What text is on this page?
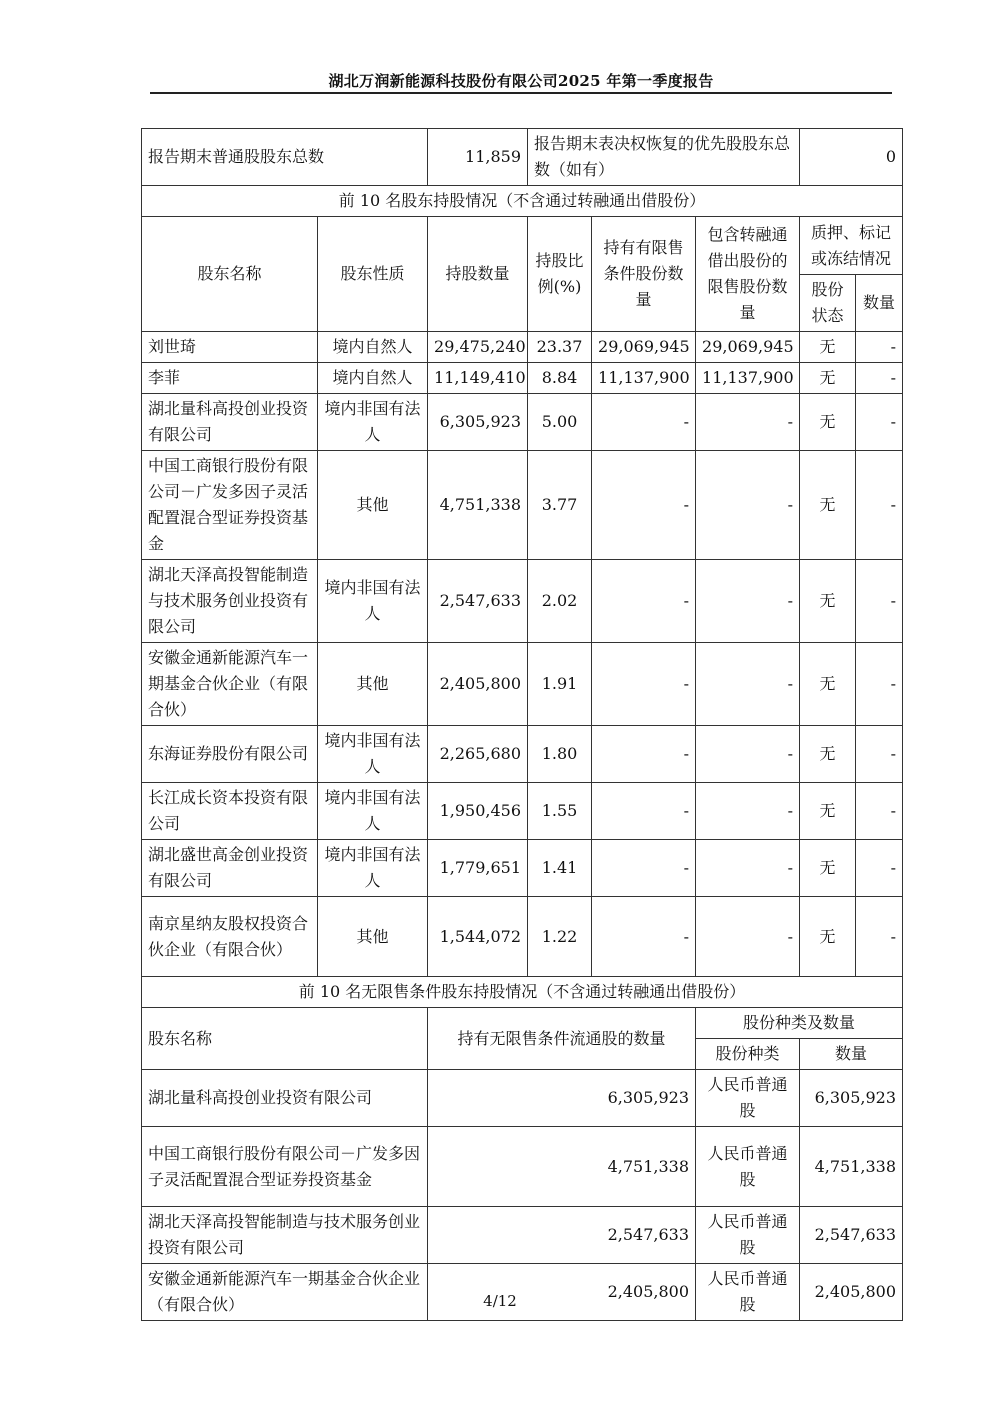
湖北万润新能源科技股份有限公司2025 年第一季度报告
报告期末普通股股东总数		11,859	报告期末表决权恢复的优先股股东总数（如有）			0	
前 10 名股东持股情况（不含通过转融通出借股份）							
股东名称	股东性质	持股数量	持股比例(%)	持有有限售条件股份数量	包含转融通借出股份的限售股份数量	质押、标记或冻结情况	
						股份状态	数量
刘世琦	境内自然人	29,475,240	23.37	29,069,945	29,069,945	无	-
李菲	境内自然人	11,149,410	8.84	11,137,900	11,137,900	无	-
湖北量科高投创业投资有限公司	境内非国有法人	6,305,923	5.00	-	-	无	-
中国工商银行股份有限公司－广发多因子灵活配置混合型证券投资基金	其他	4,751,338	3.77	-	-	无	-
湖北天泽高投智能制造与技术服务创业投资有限公司	境内非国有法人	2,547,633	2.02	-	-	无	-
安徽金通新能源汽车一期基金合伙企业（有限合伙）	其他	2,405,800	1.91	-	-	无	-
东海证券股份有限公司	境内非国有法人	2,265,680	1.80	-	-	无	-
长江成长资本投资有限公司	境内非国有法人	1,950,456	1.55	-	-	无	-
湖北盛世高金创业投资有限公司	境内非国有法人	1,779,651	1.41	-	-	无	-
南京星纳友股权投资合伙企业（有限合伙）	其他	1,544,072	1.22	-	-	无	-
前 10 名无限售条件股东持股情况（不含通过转融通出借股份）							
股东名称		持有无限售条件流通股的数量			股份种类及数量		
					股份种类	数量	
湖北量科高投创业投资有限公司		6,305,923			人民币普通股	6,305,923	
中国工商银行股份有限公司－广发多因子灵活配置混合型证券投资基金		4,751,338			人民币普通股	4,751,338	
湖北天泽高投智能制造与技术服务创业投资有限公司		2,547,633			人民币普通股	2,547,633	
安徽金通新能源汽车一期基金合伙企业（有限合伙）		2,405,800			人民币普通股	2,405,800	
4/12
